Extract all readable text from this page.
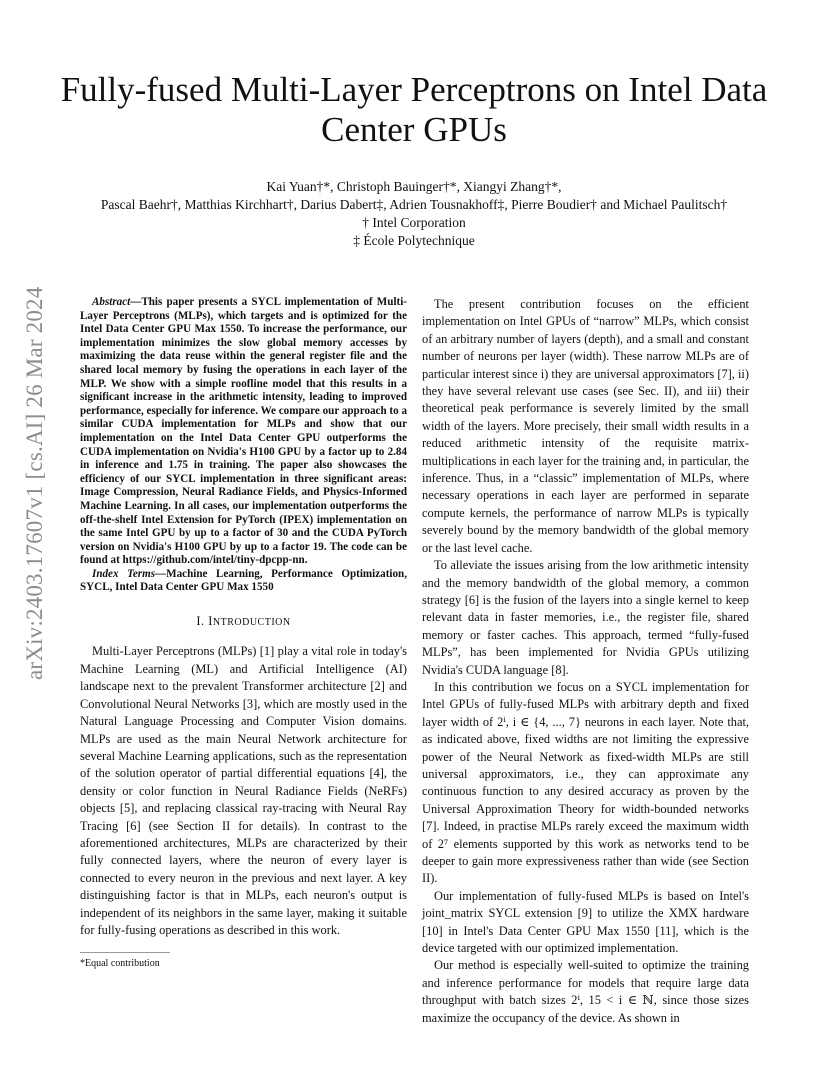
arXiv:2403.17607v1 [cs.AI] 26 Mar 2024
Fully-fused Multi-Layer Perceptrons on Intel Data Center GPUs
Kai Yuan†*, Christoph Bauinger†*, Xiangyi Zhang†*,
Pascal Baehr†, Matthias Kirchhart†, Darius Dabert‡, Adrien Tousnakhoff‡, Pierre Boudier† and Michael Paulitsch†
† Intel Corporation
‡ École Polytechnique

Abstract—This paper presents a SYCL implementation of Multi-Layer Perceptrons (MLPs), which targets and is optimized for the Intel Data Center GPU Max 1550. To increase the performance, our implementation minimizes the slow global memory accesses by maximizing the data reuse within the general register file and the shared local memory by fusing the operations in each layer of the MLP. We show with a simple roofline model that this results in a significant increase in the arithmetic intensity, leading to improved performance, especially for inference. We compare our approach to a similar CUDA implementation for MLPs and show that our implementation on the Intel Data Center GPU outperforms the CUDA implementation on Nvidia's H100 GPU by a factor up to 2.84 in inference and 1.75 in training. The paper also showcases the efficiency of our SYCL implementation in three significant areas: Image Compression, Neural Radiance Fields, and Physics-Informed Machine Learning. In all cases, our implementation outperforms the off-the-shelf Intel Extension for PyTorch (IPEX) implementation on the same Intel GPU by up to a factor of 30 and the CUDA PyTorch version on Nvidia's H100 GPU by up to a factor 19. The code can be found at https://github.com/intel/tiny-dpcpp-nn.

Index Terms—Machine Learning, Performance Optimization, SYCL, Intel Data Center GPU Max 1550

I. INTRODUCTION

Multi-Layer Perceptrons (MLPs) [1] play a vital role in today's Machine Learning (ML) and Artificial Intelligence (AI) landscape next to the prevalent Transformer architecture [2] and Convolutional Neural Networks [3], which are mostly used in the Natural Language Processing and Computer Vision domains. MLPs are used as the main Neural Network architecture for several Machine Learning applications, such as the representation of the solution operator of partial differential equations [4], the density or color function in Neural Radiance Fields (NeRFs) objects [5], and replacing classical ray-tracing with Neural Ray Tracing [6] (see Section II for details). In contrast to the aforementioned architectures, MLPs are characterized by their fully connected layers, where the neuron of every layer is connected to every neuron in the previous and next layer. A key distinguishing factor is that in MLPs, each neuron's output is independent of its neighbors in the same layer, making it suitable for fully-fusing operations as described in this work.

The present contribution focuses on the efficient implementation on Intel GPUs of “narrow” MLPs, which consist of an arbitrary number of layers (depth), and a small and constant number of neurons per layer (width). These narrow MLPs are of particular interest since i) they are universal approximators [7], ii) they have several relevant use cases (see Sec. II), and iii) their theoretical peak performance is severely limited by the small width of the layers. More precisely, their small width results in a reduced arithmetic intensity of the requisite matrix-multiplications in each layer for the training and, in particular, the inference. Thus, in a “classic” implementation of MLPs, where necessary operations in each layer are performed in separate compute kernels, the performance of narrow MLPs is typically severely bound by the memory bandwidth of the global memory or the last level cache.

To alleviate the issues arising from the low arithmetic intensity and the memory bandwidth of the global memory, a common strategy [6] is the fusion of the layers into a single kernel to keep relevant data in faster memories, i.e., the register file, shared memory or faster caches. This approach, termed “fully-fused MLPs”, has been implemented for Nvidia GPUs utilizing Nvidia's CUDA language [8].

In this contribution we focus on a SYCL implementation for Intel GPUs of fully-fused MLPs with arbitrary depth and fixed layer width of 2ⁱ, i ∈ {4, ..., 7} neurons in each layer. Note that, as indicated above, fixed widths are not limiting the expressive power of the Neural Network as fixed-width MLPs are still universal approximators, i.e., they can approximate any continuous function to any desired accuracy as proven by the Universal Approximation Theory for width-bounded networks [7]. Indeed, in practise MLPs rarely exceed the maximum width of 2⁷ elements supported by this work as networks tend to be deeper to gain more expressiveness rather than wide (see Section II).

Our implementation of fully-fused MLPs is based on Intel's joint_matrix SYCL extension [9] to utilize the XMX hardware [10] in Intel's Data Center GPU Max 1550 [11], which is the device targeted with our optimized implementation.

Our method is especially well-suited to optimize the training and inference performance for models that require large data throughput with batch sizes 2ⁱ, 15 < i ∈ ℕ, since those sizes maximize the occupancy of the device. As shown in

*Equal contribution
